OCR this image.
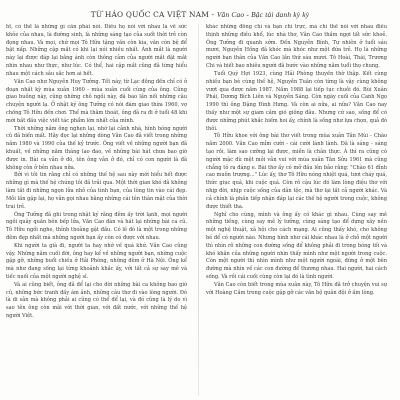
TỪ HÁO QUỐC CA VIỆT NAM - Văn Cao - Bậc tài danh kỳ kỳ

ht, có thể là những gì cần phải nói. Điều họ nói với nhau là về sức khỏe của nhau, là đường sinh, là những sáng tạo của suốt thời trẻ còn đọng nhau. Và mọi, chứ mọi Tô Hữu tặng văn còn kia, văn còn bệ để bật nấp. Những cặp mắt có khi lại nói nhiều nhất. Ánh mắt là người này lại được đáp lại bằng ánh còn thông cảm của người mắt đặt mắt nhìn nhau như thực, như lúc. Có thể, hai cặp mắt cũng đã từng hiểu nhau một cách sâu sắc hơn ai hết.

Văn Cao như Nguyễn Huy Tưởng. Tết này, từ Lạc đồng đến chỉ có ở đoạn nhất kỳ mùa xuân 1960 - mùa xuân cuối cùng của ông. Cũng giao buồng này, cũng những chỗ ngồi này, đã bao lần nối những câu chuyện người lạ. Ở nhật ký ông Tưởng có nói đám giao thừa 1960, vợ chồng Tô Hữu đến chơi. Thế mà thằm thoát, ông đã ra đi ở tuổi 48 khi mới bắt đầu việc viết tác phẩm lớn nhất của mình.

Thời những năm ông nghẹn lại, nhớ lại cảnh nhà, hình bóng người cũ đã biến mất. Hãy đọc lại những dòng Văn Cao đã viết trong những năm 1980 và 1990 của thế kỷ trước. Ông viết về những người bạn đã khuất, về những năm tháng lao đao, về những bài hát chưa bao giờ được in. Bài ca vẫn ở đó, tên ông vẫn ở đó, chỉ có con người là đã không còn ở bên nhau nữa.

Bởi vì tôi tin rằng chỉ có những thế hệ sau này mới hiểu hết được những gì mà thế hệ chúng tôi đã trải qua. Một thời gian khó đã không làm tắt đi những ngọn lửa nhỏ của tình bạn, của lòng tin vào cái đẹp. Mỗi lần gặp lại, họ vẫn gọi nhau bằng những cái tên thân mật của thời trai trẻ.

Ông Tưởng đã ghi trong nhật ký rằng đêm ấy trời lạnh, mọi người ngồi quây quần bên bếp lửa, Văn Cao đàn và hát lại những bài ca cũ. Tô Hữu ngồi nghe, thỉnh thoảng gật đầu. Có lẽ đó là một trong những đêm đẹp nhất mà những người bạn ấy còn có được với nhau.

Khi người ta già đi, người ta hay nhớ về quá khứ. Văn Cao cũng vậy. Những năm cuối đời, ông hay kể về những người bạn, những cuộc gặp gỡ, những buổi chiều ở Hải Phòng, những đêm ở Hà Nội. Ông kể mà như đang sống lại từng khoảnh khắc ấy, với tất cả sự say mê và tiếc nuối của một người nghệ sĩ.

Và ai cũng biết, ông đã để lại cho đời những bài ca không bao giờ cũ, những bức tranh đầy ám ảnh, những câu thơ đi vào lòng người. Đó là di sản mà không phải ai cũng có thể để lại, và đó cũng là lý do vì sao tên ông còn mãi với thời gian, với đất nước, với những thế hệ người Việt.

khác những đồng chí và bạn chỉ trực, mà chỉ thể nói với nhau điều thịnh những điều khổ, lúc nhà thơ, Văn Cao thầm ngợi tất sức khoẻ. Ông Tưởng đi quanh sớm. Đến Nguyễn Bính, Tự nhiên ở tuổi sáu mươi, Nguyễn Hồng đã khóc mà khóc như một đứa trẻ. Họ là những người bạn thân của Văn Cao lần thứ sáu mươi. Tô Hoài, Thái, Trương Chi và biết bao nhiêu người đã bước vào những năm tuổi thọ chung.

Tuổi Quý Hợi 1923, cùng Hải Phòng thuyền thờ thập. Kết cùng nhiều bạn bè cùng thế hệ, Nguyễn Tuân còn từng là vậy cùng không vượt qua được năm 1987. Năm 1988 lại tiếp tục chuỗi đó. Bùi Xuân Phái, Dương Bích Liên và Nguyễn Sáng. Còn ngày cuối của Canh Ngọ 1990 thì ông Đặng Đình Hưng. Và còn ai nữa, ai nữa? Văn Cao nay thấy như một sự giam cầm gió giông đâu. Nhưng cứ sao, sống để có được những phút khắc hiếm hoi ấy, chính là sống như lựa chọn, quả đó thôi.

Tô Hữu khoe với ông bài thơ viết trong mùa xuân Tân Mùi - Chào năm 2000. Văn Cao mỉm cười - cái cười lành lành. Đã là sáng - sáng tạo rồi, làm sao cưỡng lại được, miễn là chân thực. À thì ra cũng có người mặc dù mệt mỏi vẫn vui với mùa xuân Tân Sửu 1961 mà cũng chẳng tỏ ra đáng e. Bài thơ ấy có mở đầu lên bảo rằng: "Chào 61 đỉnh cao muôn trượng..." Lúc ấy, thơ Tô Hữu nóng nhiệt quá, tươi cháy quá, thức giục quá, khi cuộc quá. Còn rõ cậu lúc đó làm lòng điệu thơ với nhịp đời, nhịp cuộc sống của dân tộc, mà thơ lại tất cả người khác. Và cả chính là phần tiếp nhận đáp lại các thế hệ người trong cuộc, không được thiết tha.

Nghĩ cho cùng, mình và ông ấy có khác gì nhau. Cùng say mê những tiếng, cùng say mê lý tưởng, cùng sáng tạo để dựng xây nền một nghệ thuật, xã hội cho cách mạng. Ai cũng thấy khó, cho không bé để có người nào. Nhưng hình như cái khác nhau là ở chỗ một người thì nhìn rõ những con đường sống để không phải đi trong bóng tối và khó khăn của những người nhìn thấy mình như một người trong cuộc. Còn một người thì nhìn mình như một người ngoài, đứng ở một bên đường mà nhìn về các con đường để thương nhau. Hai người, hai cách sống. Và rồi cái cuối cùng còn lại đó là tình người.

Văn Cao còn biết trong mùa xuân này, Tô Hữu đã trở chuyện vui sự với Hoàng Cầm trong cuộc gặp gỡ các văn bộ quân đội ở ấm lòng.
